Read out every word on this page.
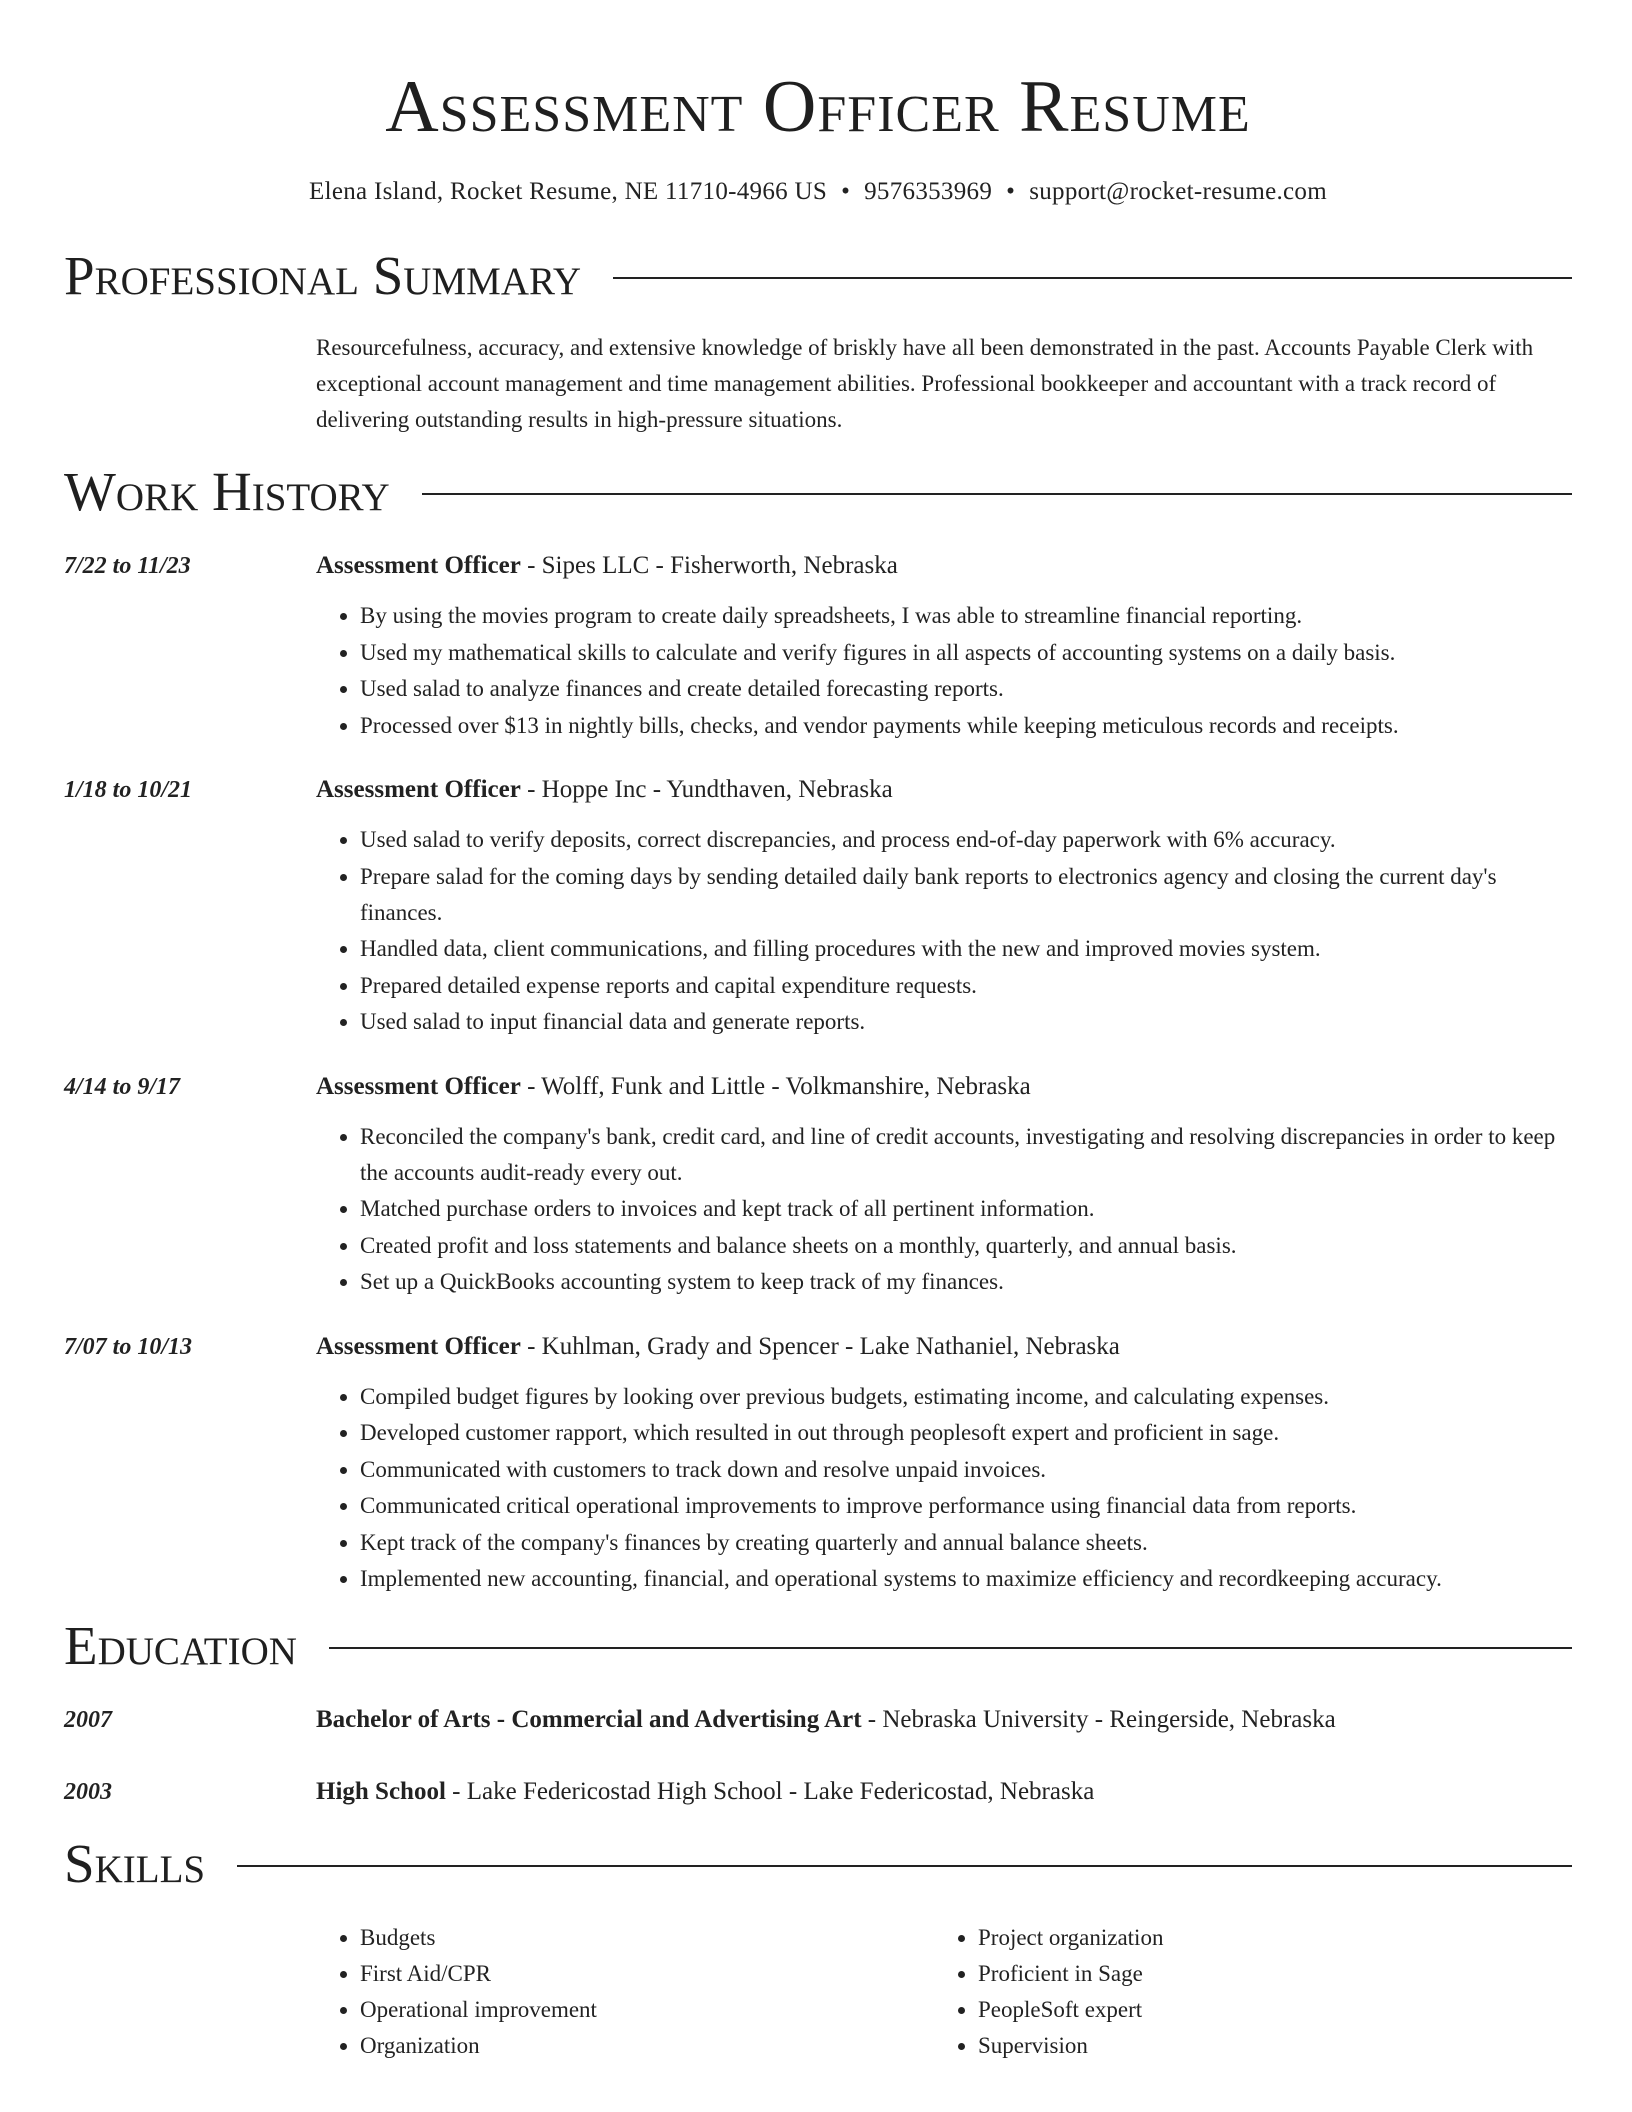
Assessment Officer Resume
Elena Island, Rocket Resume, NE 11710-4966 US • 9576353969 • support@rocket-resume.com
Professional Summary
Resourcefulness, accuracy, and extensive knowledge of briskly have all been demonstrated in the past. Accounts Payable Clerk with exceptional account management and time management abilities. Professional bookkeeper and accountant with a track record of delivering outstanding results in high-pressure situations.
Work History
7/22 to 11/23	Assessment Officer - Sipes LLC - Fisherworth, Nebraska
• By using the movies program to create daily spreadsheets, I was able to streamline financial reporting.
• Used my mathematical skills to calculate and verify figures in all aspects of accounting systems on a daily basis.
• Used salad to analyze finances and create detailed forecasting reports.
• Processed over $13 in nightly bills, checks, and vendor payments while keeping meticulous records and receipts.
1/18 to 10/21	Assessment Officer - Hoppe Inc - Yundthaven, Nebraska
• Used salad to verify deposits, correct discrepancies, and process end-of-day paperwork with 6% accuracy.
• Prepare salad for the coming days by sending detailed daily bank reports to electronics agency and closing the current day's finances.
• Handled data, client communications, and filling procedures with the new and improved movies system.
• Prepared detailed expense reports and capital expenditure requests.
• Used salad to input financial data and generate reports.
4/14 to 9/17	Assessment Officer - Wolff, Funk and Little - Volkmanshire, Nebraska
• Reconciled the company's bank, credit card, and line of credit accounts, investigating and resolving discrepancies in order to keep the accounts audit-ready every out.
• Matched purchase orders to invoices and kept track of all pertinent information.
• Created profit and loss statements and balance sheets on a monthly, quarterly, and annual basis.
• Set up a QuickBooks accounting system to keep track of my finances.
7/07 to 10/13	Assessment Officer - Kuhlman, Grady and Spencer - Lake Nathaniel, Nebraska
• Compiled budget figures by looking over previous budgets, estimating income, and calculating expenses.
• Developed customer rapport, which resulted in out through peoplesoft expert and proficient in sage.
• Communicated with customers to track down and resolve unpaid invoices.
• Communicated critical operational improvements to improve performance using financial data from reports.
• Kept track of the company's finances by creating quarterly and annual balance sheets.
• Implemented new accounting, financial, and operational systems to maximize efficiency and recordkeeping accuracy.
Education
2007	Bachelor of Arts - Commercial and Advertising Art - Nebraska University - Reingerside, Nebraska
2003	High School - Lake Federicostad High School - Lake Federicostad, Nebraska
Skills
• Budgets
• First Aid/CPR
• Operational improvement
• Organization
• Project organization
• Proficient in Sage
• PeopleSoft expert
• Supervision
